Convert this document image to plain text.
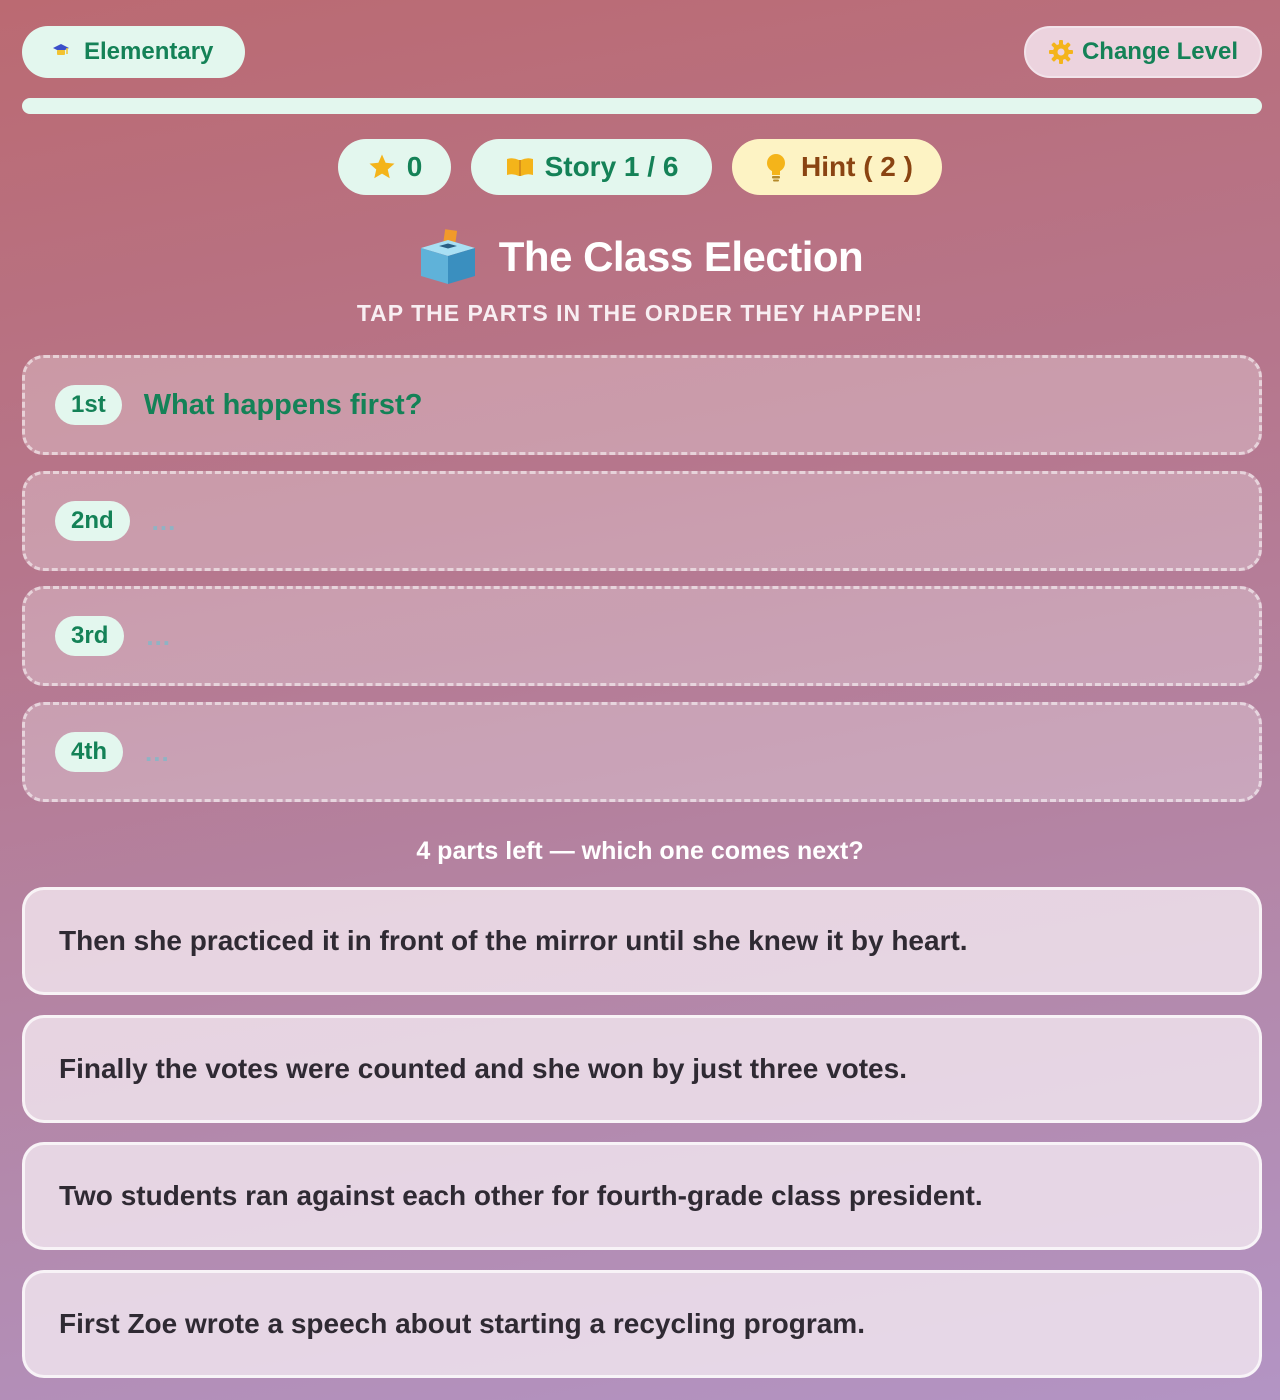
Elementary	Change Level
0	Story 1 / 6	Hint ( 2 )
The Class Election
TAP THE PARTS IN THE ORDER THEY HAPPEN!
1st	What happens first?
2nd	...
3rd	...
4th	...
4 parts left — which one comes next?
Then she practiced it in front of the mirror until she knew it by heart.
Finally the votes were counted and she won by just three votes.
Two students ran against each other for fourth-grade class president.
First Zoe wrote a speech about starting a recycling program.
